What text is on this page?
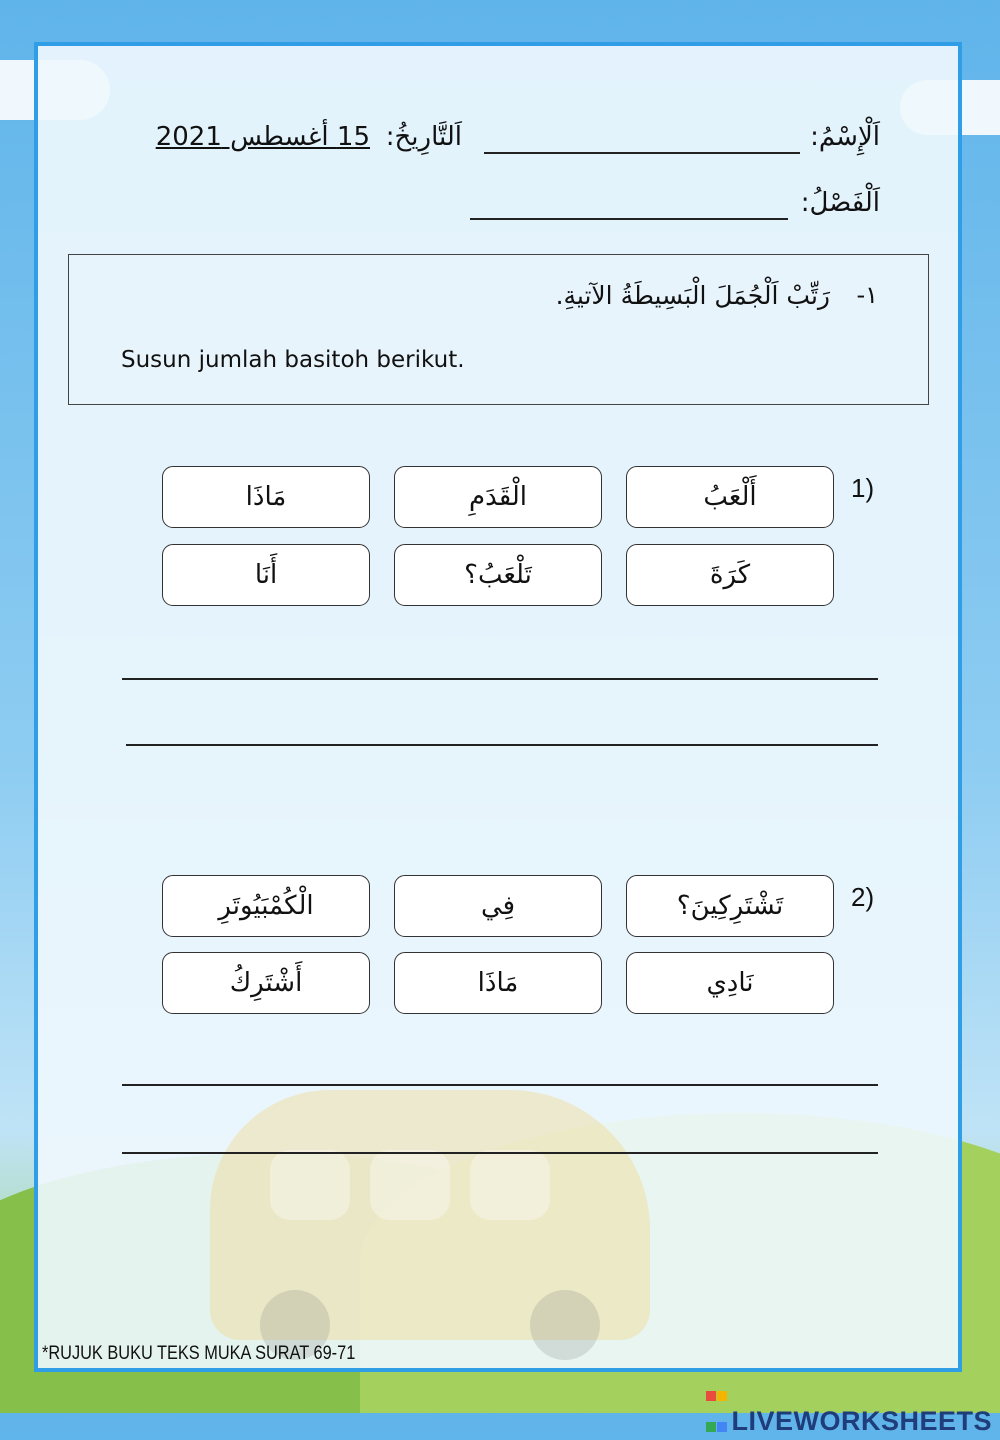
اَلْإِسْمُ:
اَلتَّارِيخُ:
15 أغسطس 2021
اَلْفَصْلُ:
١-
رَتِّبْ اَلْجُمَلَ الْبَسِيطَةُ الآتيةِ.
Susun jumlah basitoh berikut.
1)
أَلْعَبُ
الْقَدَمِ
مَاذَا
كَرَةَ
تَلْعَبُ؟
أَنَا
2)
تَشْتَرِكِينَ؟
فِي
الْكُمْبَيُوتَرِ
نَادِي
مَاذَا
أَشْتَرِكُ
*RUJUK BUKU TEKS MUKA SURAT 69-71

LIVEWORKSHEETS
